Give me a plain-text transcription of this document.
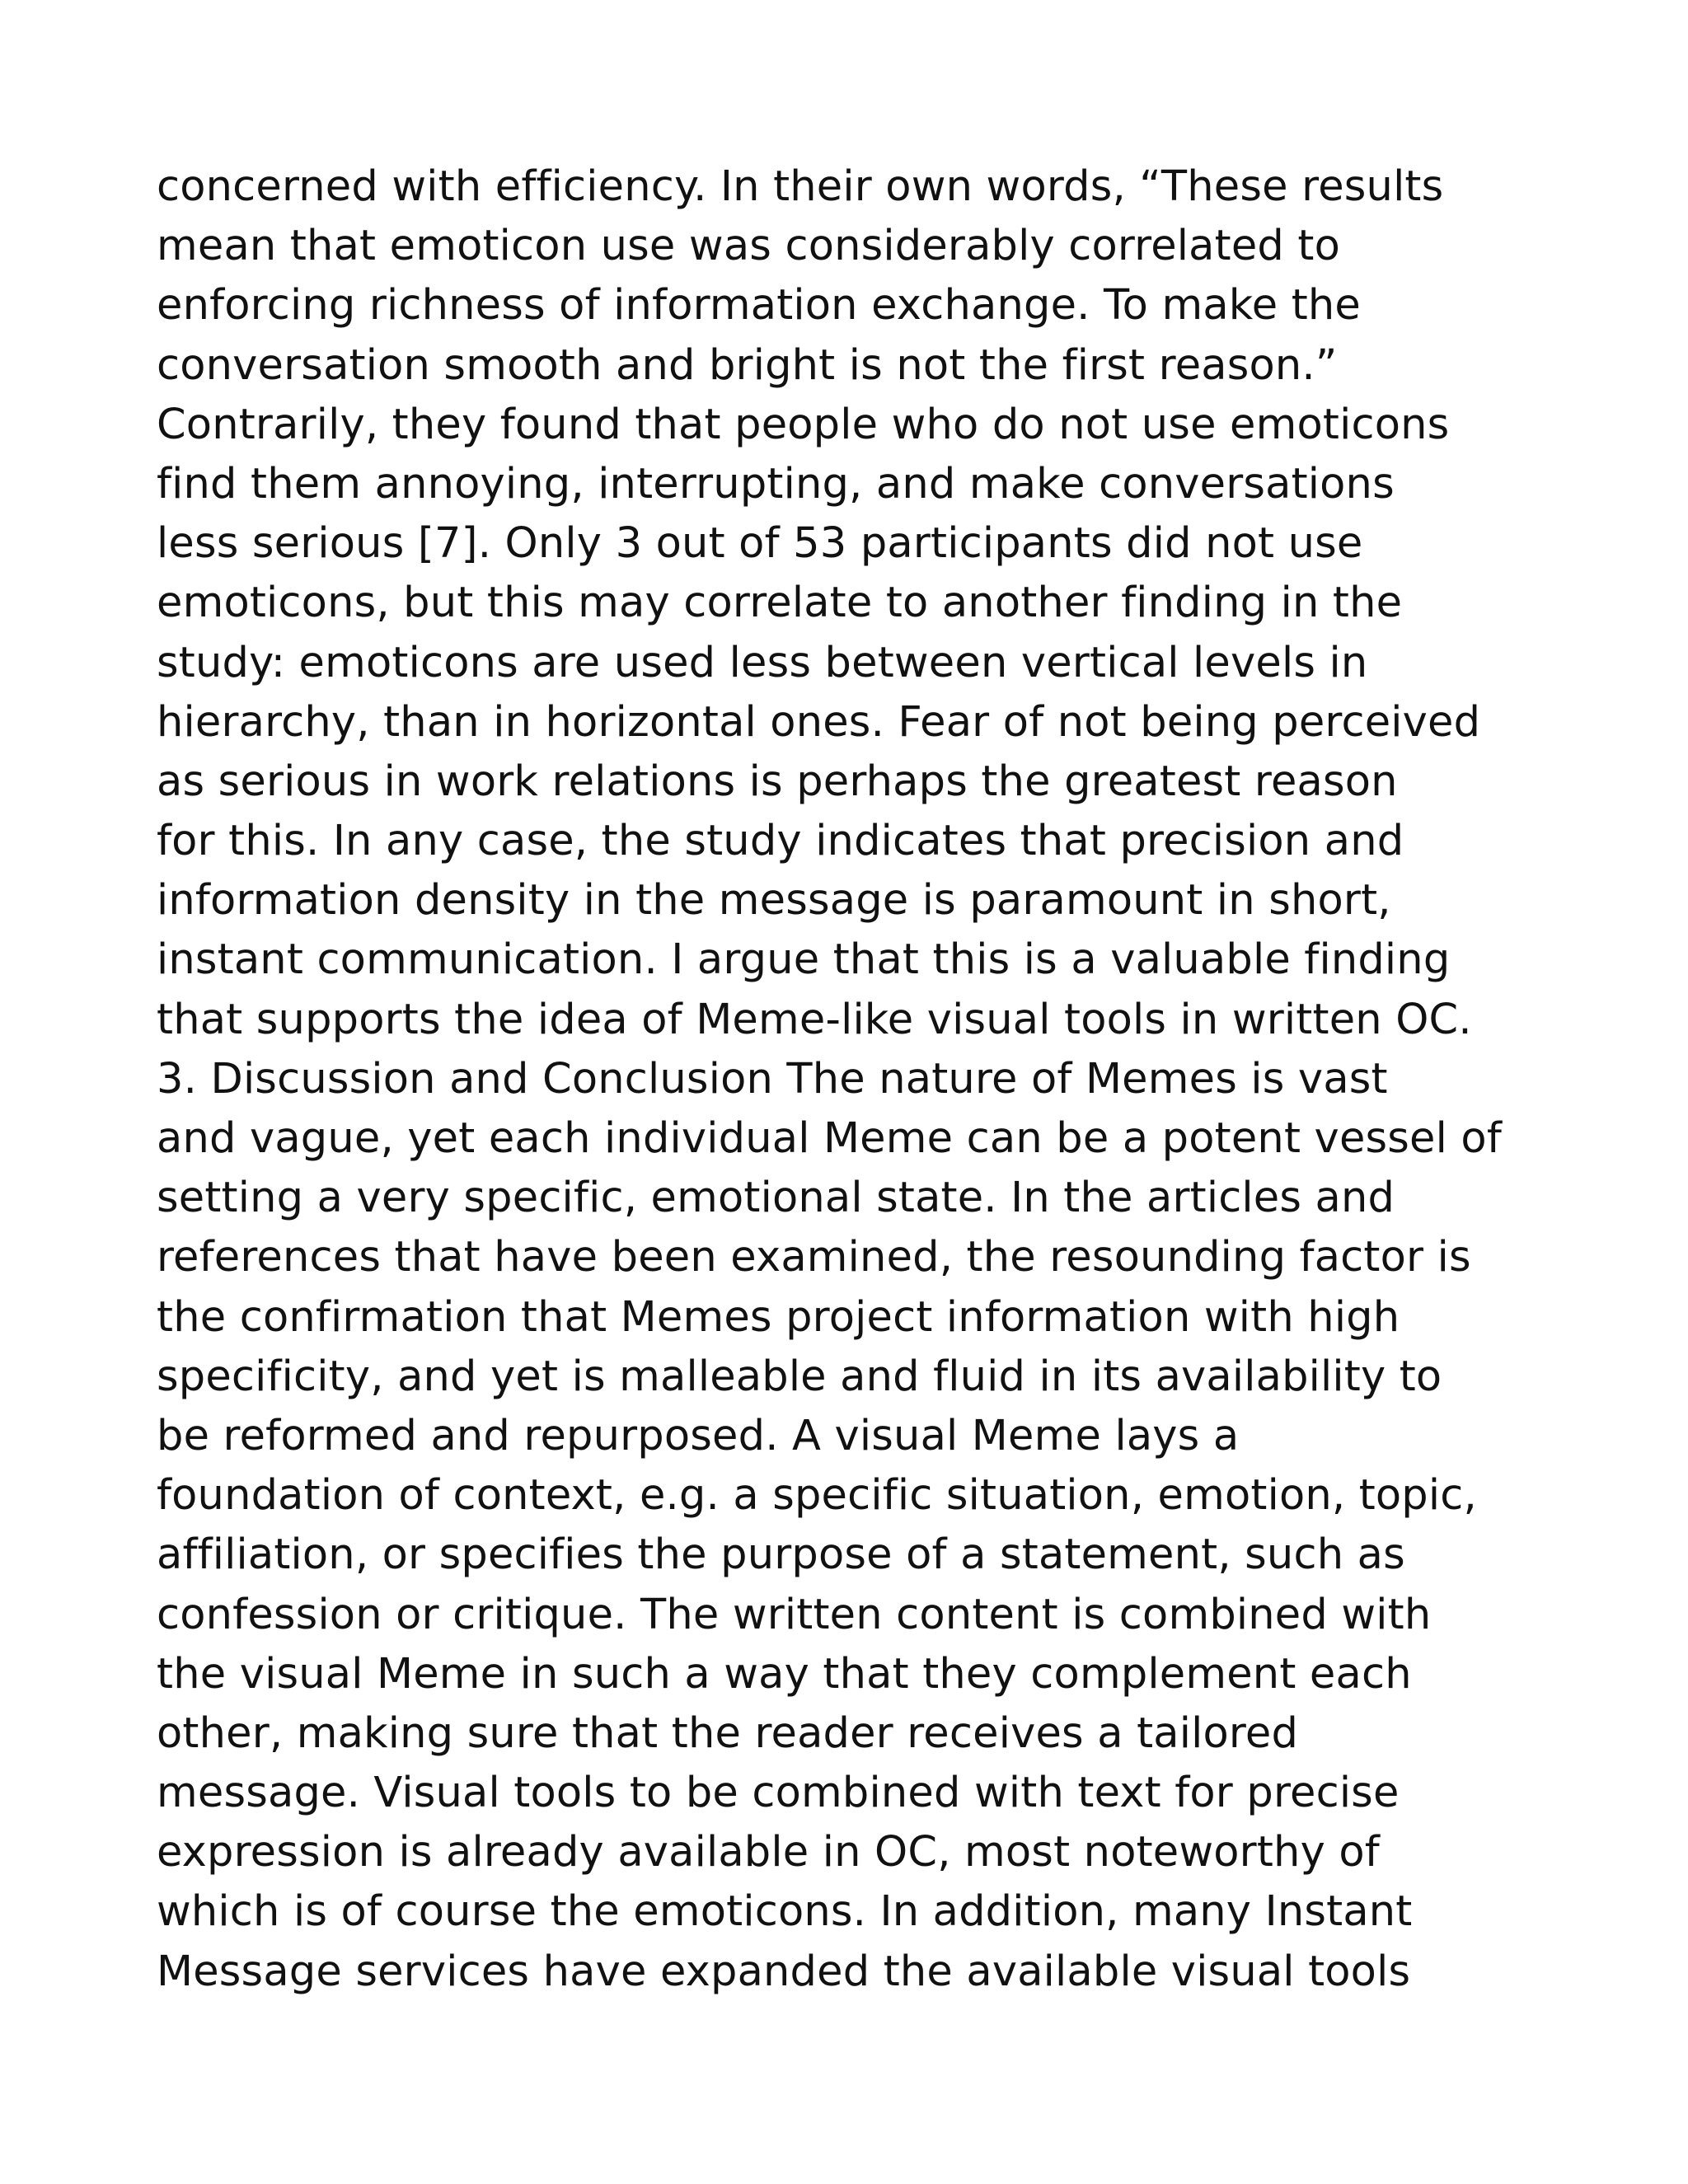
concerned with efficiency. In their own words, “These results
mean that emoticon use was considerably correlated to
enforcing richness of information exchange. To make the
conversation smooth and bright is not the first reason.”
Contrarily, they found that people who do not use emoticons
find them annoying, interrupting, and make conversations
less serious [7]. Only 3 out of 53 participants did not use
emoticons, but this may correlate to another finding in the
study: emoticons are used less between vertical levels in
hierarchy, than in horizontal ones. Fear of not being perceived
as serious in work relations is perhaps the greatest reason
for this. In any case, the study indicates that precision and
information density in the message is paramount in short,
instant communication. I argue that this is a valuable finding
that supports the idea of Meme-like visual tools in written OC.
3. Discussion and Conclusion The nature of Memes is vast
and vague, yet each individual Meme can be a potent vessel of
setting a very specific, emotional state. In the articles and
references that have been examined, the resounding factor is
the confirmation that Memes project information with high
specificity, and yet is malleable and fluid in its availability to
be reformed and repurposed. A visual Meme lays a
foundation of context, e.g. a specific situation, emotion, topic,
affiliation, or specifies the purpose of a statement, such as
confession or critique. The written content is combined with
the visual Meme in such a way that they complement each
other, making sure that the reader receives a tailored
message. Visual tools to be combined with text for precise
expression is already available in OC, most noteworthy of
which is of course the emoticons. In addition, many Instant
Message services have expanded the available visual tools
